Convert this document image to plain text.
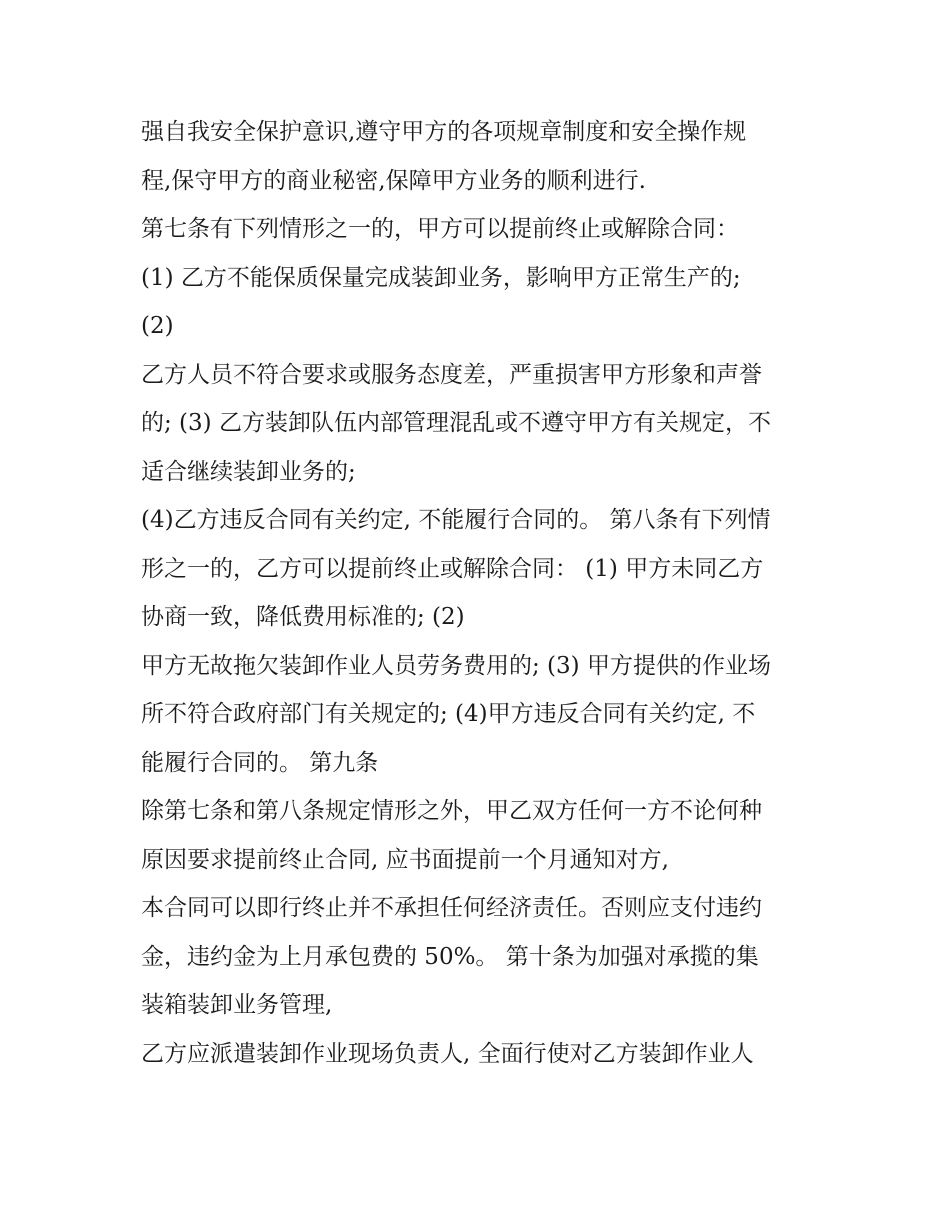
强自我安全保护意识,遵守甲方的各项规章制度和安全操作规
程,保守甲方的商业秘密,保障甲方业务的顺利进行.
第七条有下列情形之一的，甲方可以提前终止或解除合同：
(1) 乙方不能保质保量完成装卸业务，影响甲方正常生产的;
(2)
乙方人员不符合要求或服务态度差，严重损害甲方形象和声誉
的; (3) 乙方装卸队伍内部管理混乱或不遵守甲方有关规定，不
适合继续装卸业务的;
(4)乙方违反合同有关约定, 不能履行合同的。 第八条有下列情
形之一的，乙方可以提前终止或解除合同： (1) 甲方未同乙方
协商一致，降低费用标准的; (2)
甲方无故拖欠装卸作业人员劳务费用的; (3) 甲方提供的作业场
所不符合政府部门有关规定的; (4)甲方违反合同有关约定, 不
能履行合同的。 第九条
除第七条和第八条规定情形之外，甲乙双方任何一方不论何种
原因要求提前终止合同, 应书面提前一个月通知对方,
本合同可以即行终止并不承担任何经济责任。否则应支付违约
金，违约金为上月承包费的 50%。 第十条为加强对承揽的集
装箱装卸业务管理,
乙方应派遣装卸作业现场负责人, 全面行使对乙方装卸作业人
